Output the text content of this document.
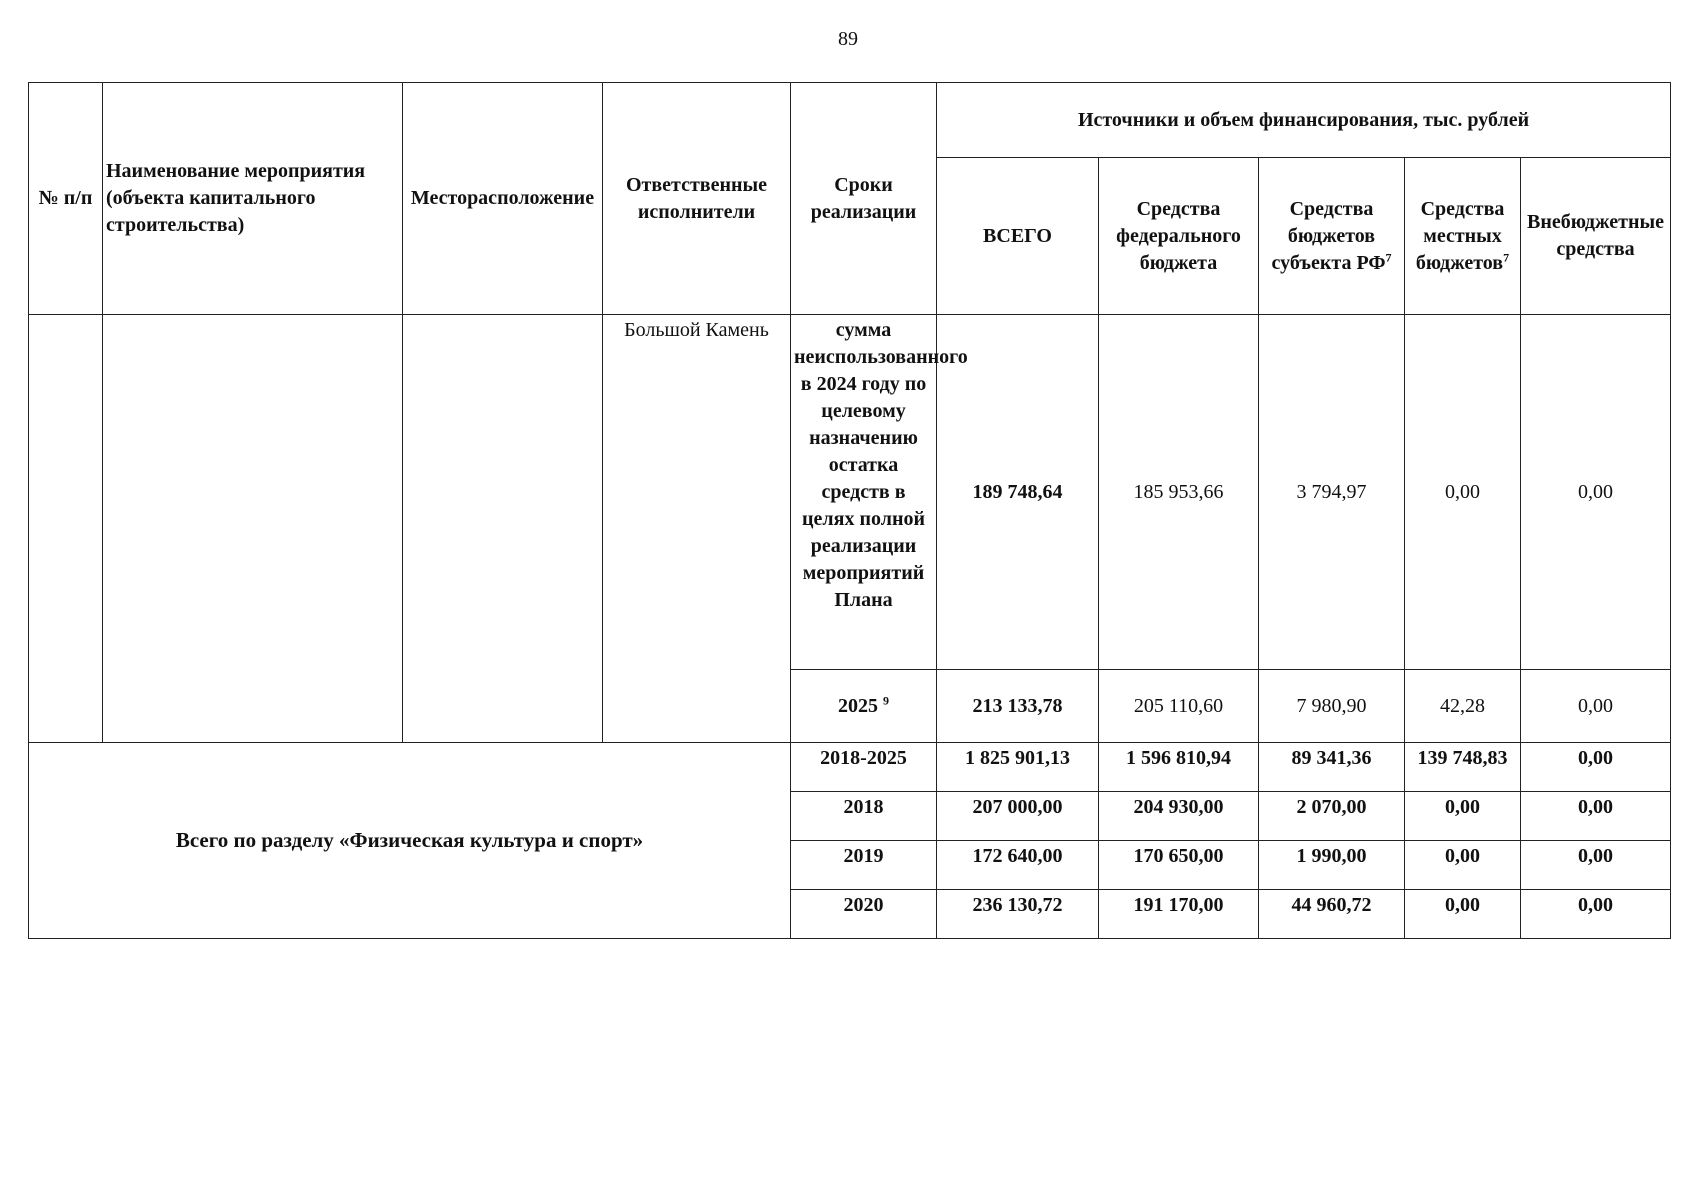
89
№ п/п	Наименование мероприятия (объекта капитального строительства)	Месторасположение	Ответственные исполнители	Сроки реализации	Источники и объем финансирования, тыс. рублей				
					ВСЕГО	Средства федерального бюджета	Средства бюджетов субъекта $РФ^7$	Средства местных бюджетов$^7$	Внебюджетные средства
			Большой Камень	сумма неиспользованного в 2024 году по целевому назначению остатка средств в целях полной реализации мероприятий Плана	189 748,64	185 953,66	3 794,97	0,00	0,00
				2025 $^9$	213 133,78	205 110,60	7 980,90	42,28	0,00
Всего по разделу «Физическая культура и спорт»				2018-2025	1 825 901,13	1 596 810,94	89 341,36	139 748,83	0,00
				2018	207 000,00	204 930,00	2 070,00	0,00	0,00
				2019	172 640,00	170 650,00	1 990,00	0,00	0,00
				2020	236 130,72	191 170,00	44 960,72	0,00	0,00
